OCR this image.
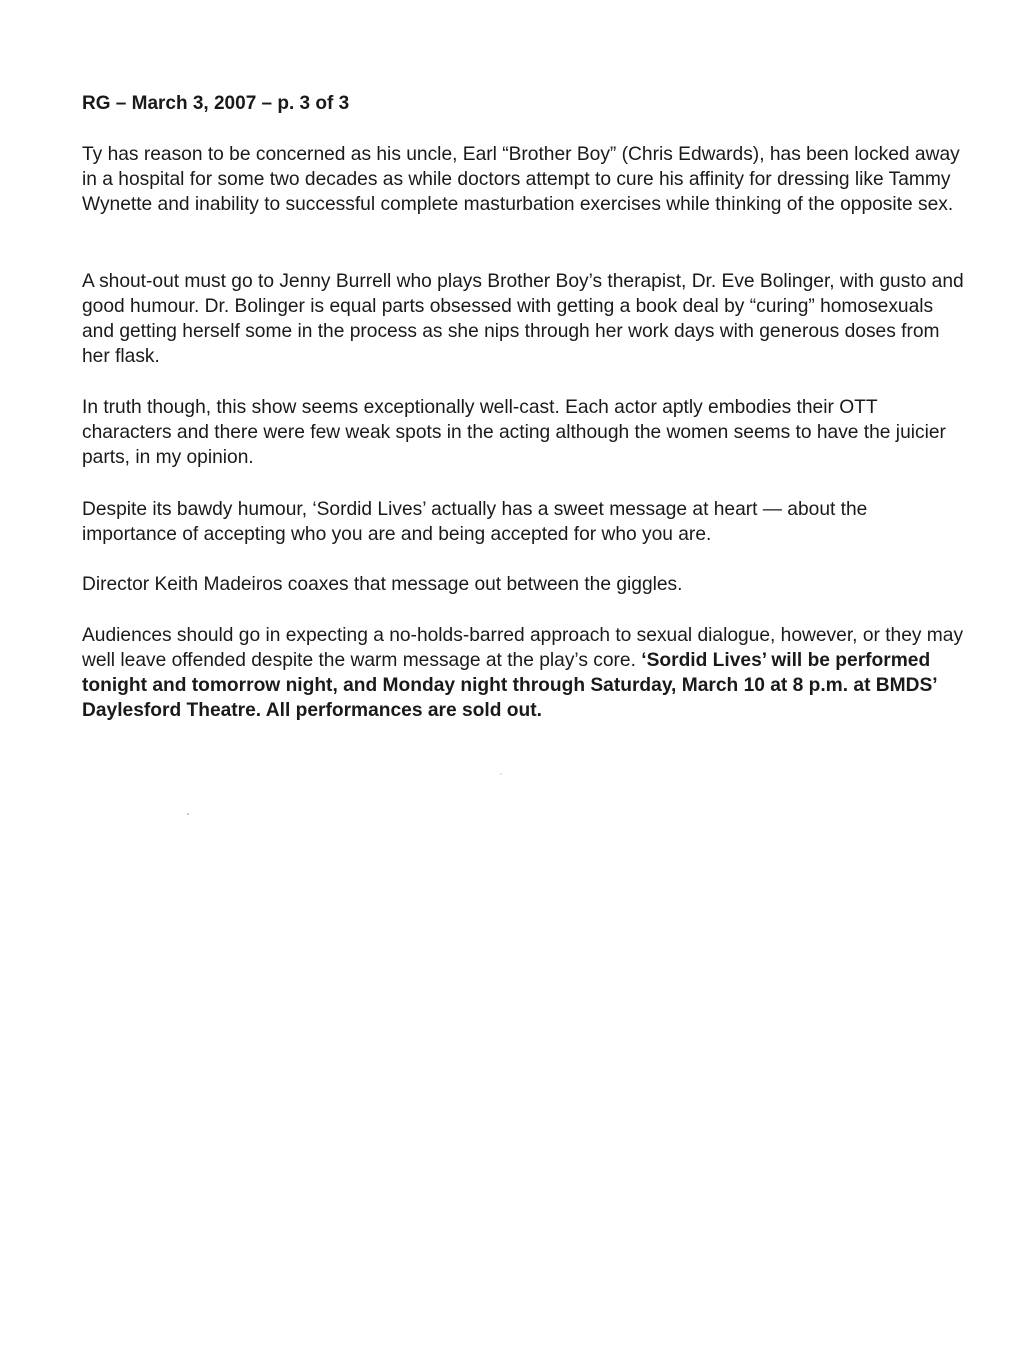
RG – March 3, 2007 – p. 3 of 3

Ty has reason to be concerned as his uncle, Earl “Brother Boy” (Chris Edwards), has been locked away in a hospital for some two decades as while doctors attempt to cure his affinity for dressing like Tammy Wynette and inability to successful complete masturbation exercises while thinking of the opposite sex.

A shout-out must go to Jenny Burrell who plays Brother Boy’s therapist, Dr. Eve Bolinger, with gusto and good humour. Dr. Bolinger is equal parts obsessed with getting a book deal by “curing” homosexuals and getting herself some in the process as she nips through her work days with generous doses from her flask.

In truth though, this show seems exceptionally well-cast. Each actor aptly embodies their OTT characters and there were few weak spots in the acting although the women seems to have the juicier parts, in my opinion.

Despite its bawdy humour, ‘Sordid Lives’ actually has a sweet message at heart — about the importance of accepting who you are and being accepted for who you are.

Director Keith Madeiros coaxes that message out between the giggles.

Audiences should go in expecting a no-holds-barred approach to sexual dialogue, however, or they may well leave offended despite the warm message at the play’s core. ‘Sordid Lives’ will be performed tonight and tomorrow night, and Monday night through Saturday, March 10 at 8 p.m. at BMDS’ Daylesford Theatre. All performances are sold out.
